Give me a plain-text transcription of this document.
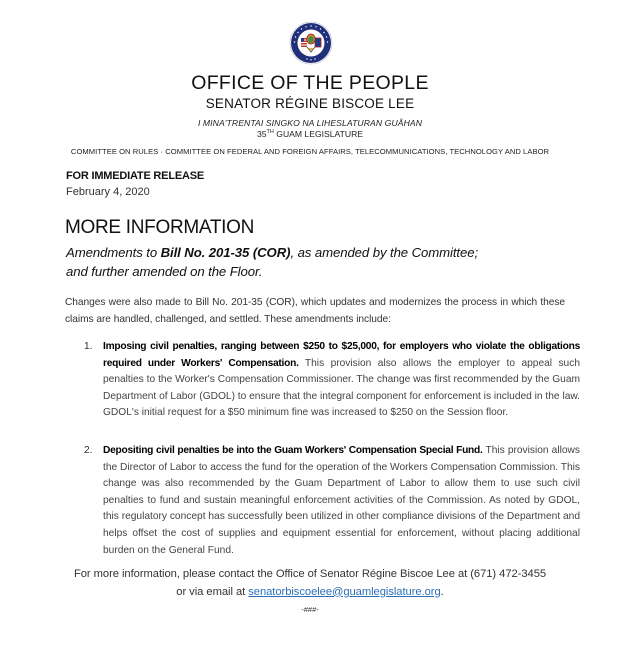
OFFICE OF THE PEOPLE
SENATOR RÉGINE BISCOE LEE
I MINA'TRENTAI SINGKO NA LIHESLATURAN GUÅHAN
35TH GUAM LEGISLATURE
COMMITTEE ON RULES · COMMITTEE ON FEDERAL AND FOREIGN AFFAIRS, TELECOMMUNICATIONS, TECHNOLOGY AND LABOR
FOR IMMEDIATE RELEASE
February 4, 2020
MORE INFORMATION
Amendments to Bill No. 201-35 (COR), as amended by the Committee;
and further amended on the Floor.
Changes were also made to Bill No. 201-35 (COR), which updates and modernizes the process in which these claims are handled, challenged, and settled. These amendments include:
1. Imposing civil penalties, ranging between $250 to $25,000, for employers who violate the obligations required under Workers' Compensation. This provision also allows the employer to appeal such penalties to the Worker's Compensation Commissioner. The change was first recommended by the Guam Department of Labor (GDOL) to ensure that the integral component for enforcement is included in the law. GDOL's initial request for a $50 minimum fine was increased to $250 on the Session floor.
2. Depositing civil penalties be into the Guam Workers' Compensation Special Fund. This provision allows the Director of Labor to access the fund for the operation of the Workers Compensation Commission. This change was also recommended by the Guam Department of Labor to allow them to use such civil penalties to fund and sustain meaningful enforcement activities of the Commission. As noted by GDOL, this regulatory concept has successfully been utilized in other compliance divisions of the Department and helps offset the cost of supplies and equipment essential for enforcement, without placing additional burden on the General Fund.
For more information, please contact the Office of Senator Régine Biscoe Lee at (671) 472-3455
or via email at senatorbiscoelee@guamlegislature.org.
-###-
